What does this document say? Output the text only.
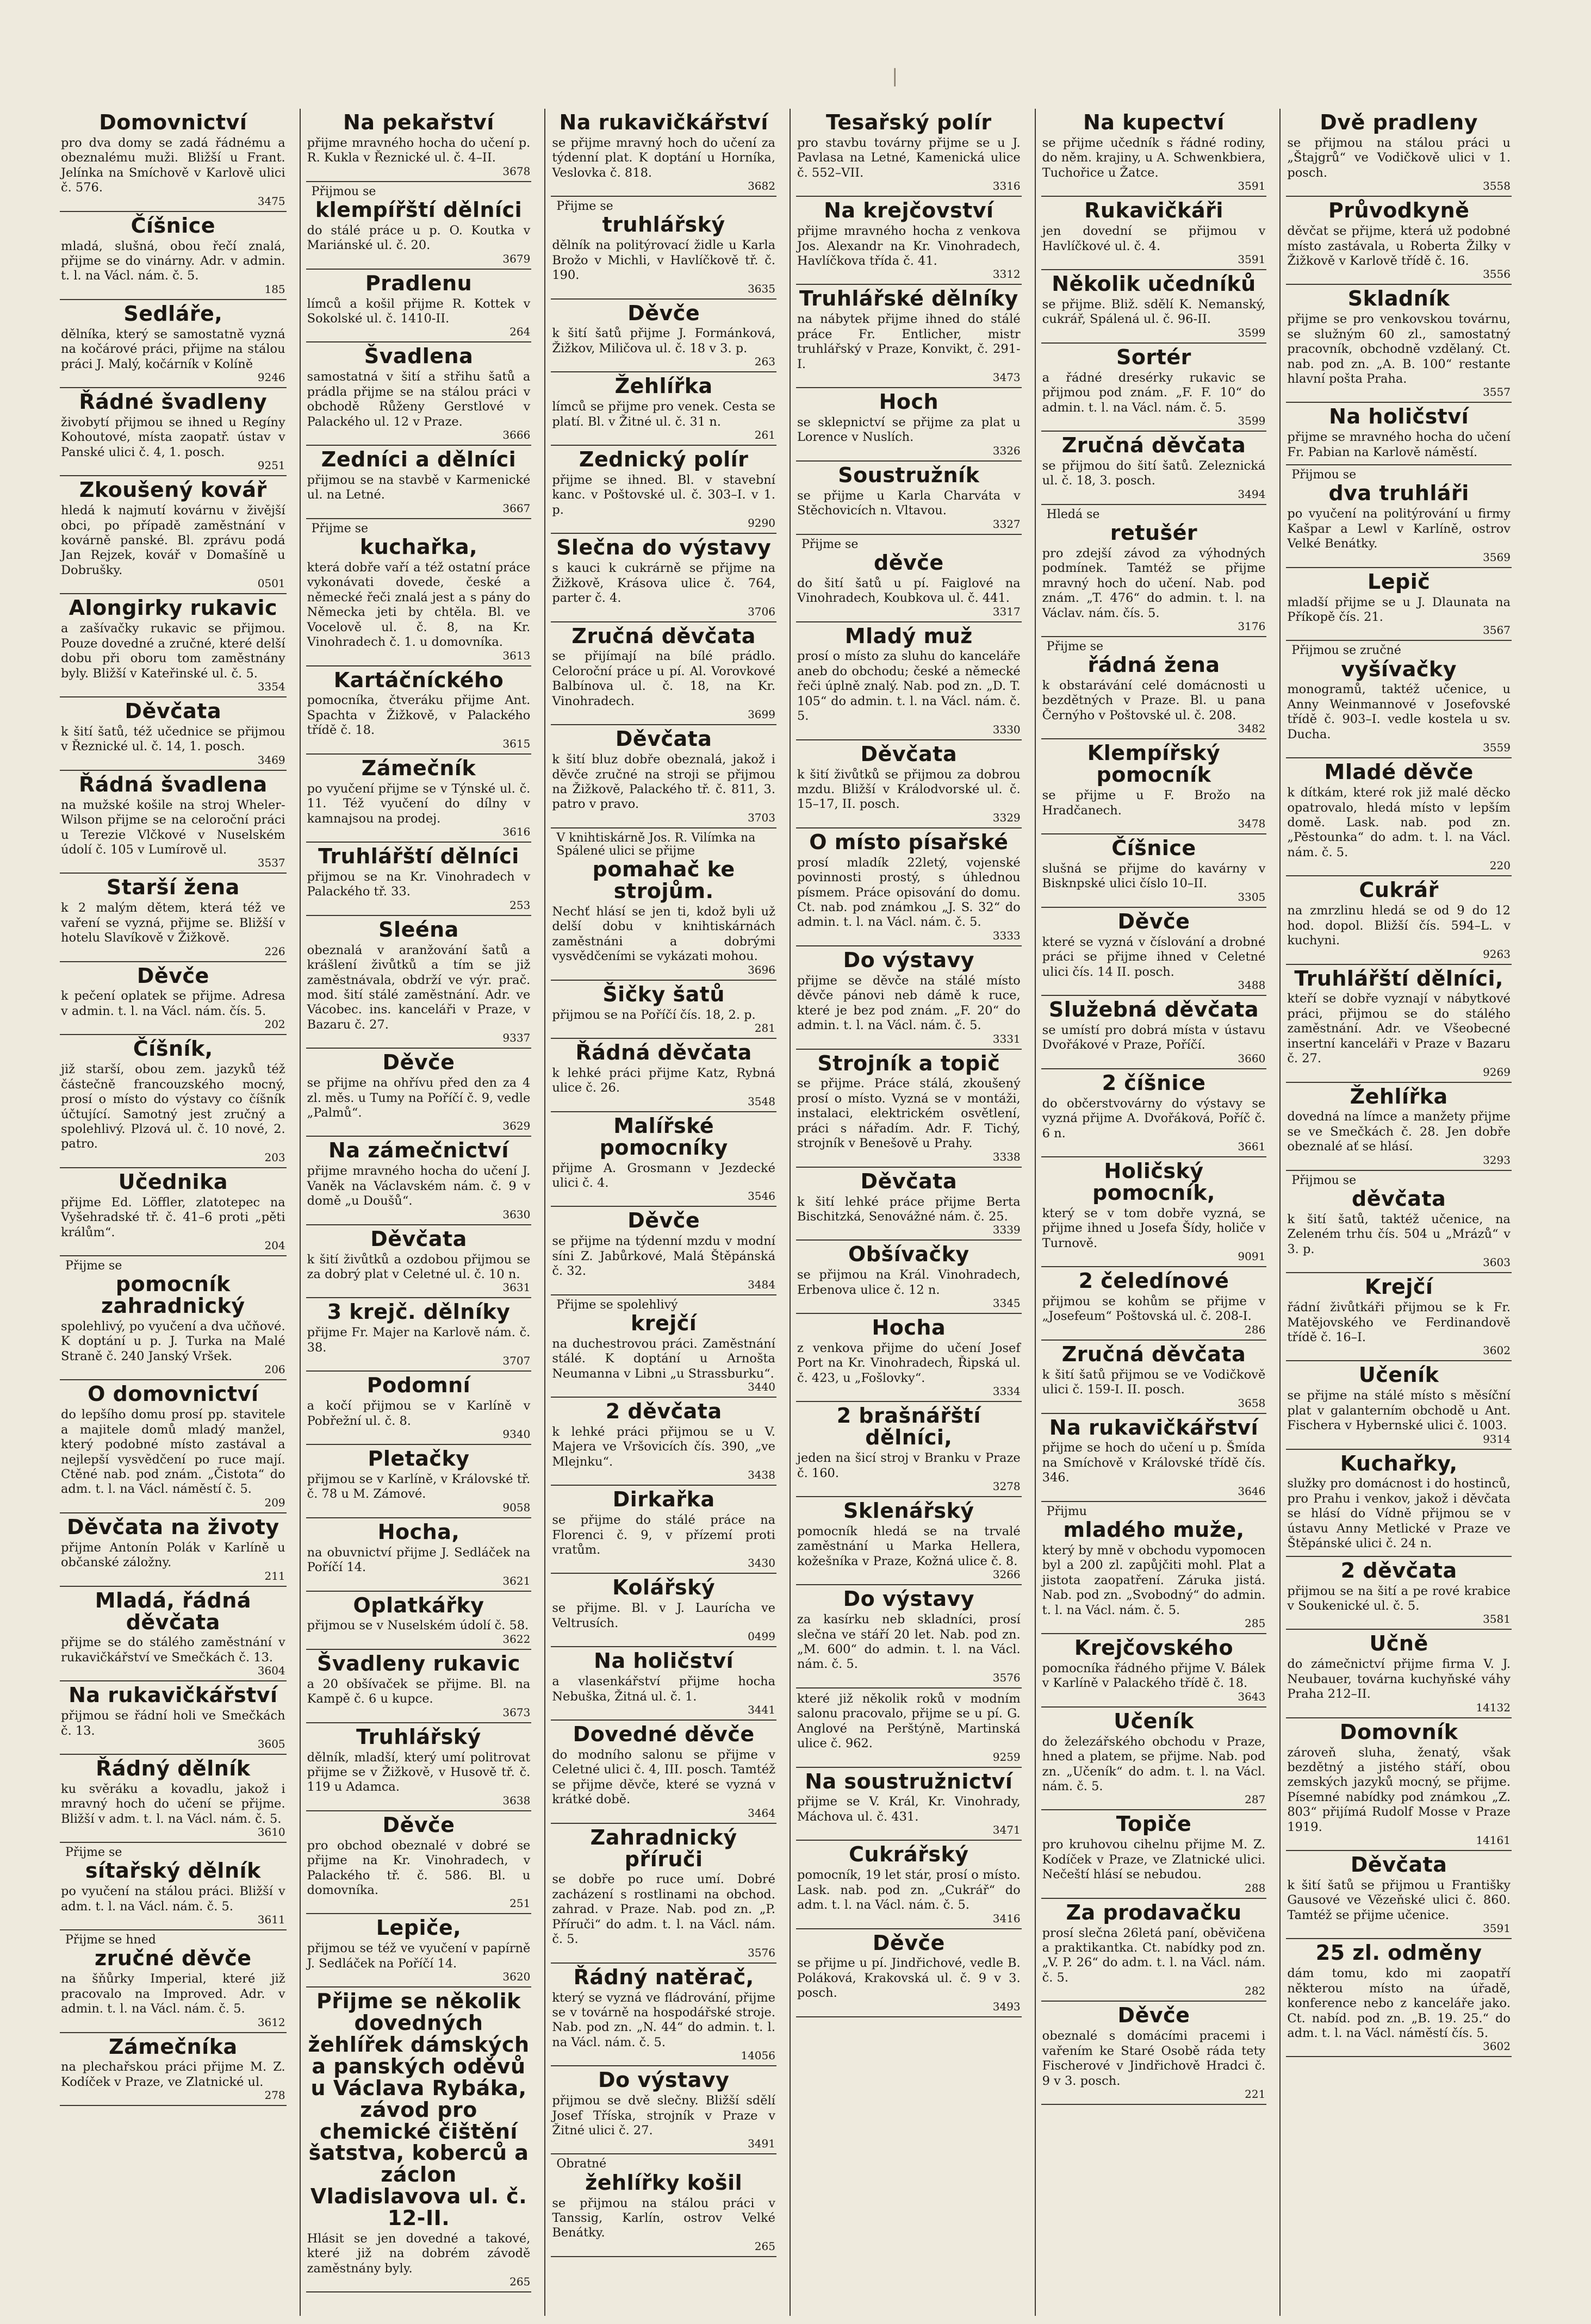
|
Domovnictví

pro dva domy se zadá řádnému a obeznalému muži. Bližší u Frant. Jelínka na Smíchově v Karlově ulici č. 576.

3475
Číšnice

mladá, slušná, obou řečí znalá, přijme se do vinárny. Adr. v admin. t. l. na Václ. nám. č. 5.

185
Sedláře,

dělníka, který se samostatně vyzná na kočárové práci, přijme na stálou práci J. Malý, kočárník v Kolíně

9246
Řádné švadleny

živobytí přijmou se ihned u Regíny Kohoutové, místa zaopatř. ústav v Panské ulici č. 4, 1. posch.

9251
Zkoušený kovář

hledá k najmutí kovárnu v živější obci, po případě zaměstnání v kovárně panské. Bl. zprávu podá Jan Rejzek, kovář v Domašíně u Dobrušky.

0501
Alongirky rukavic

a zašívačky rukavic se přijmou. Pouze dovedné a zručné, které delší dobu při oboru tom zaměstnány byly. Bližší v Kateřinské ul. č. 5.

3354
Děvčata

k šití šatů, též učednice se přijmou v Řeznické ul. č. 14, 1. posch.

3469
Řádná švadlena

na mužské košile na stroj Wheler-Wilson přijme se na celoroční práci u Terezie Vlčkové v Nuselském údolí č. 105 v Lumírově ul.

3537
Starší žena

k 2 malým dětem, která též ve vaření se vyzná, přijme se. Bližší v hotelu Slavíkově v Žižkově.

226
Děvče

k pečení oplatek se přijme. Adresa v admin. t. l. na Václ. nám. čís. 5.

202
Číšník,

již starší, obou zem. jazyků též částečně francouzského mocný, prosí o místo do výstavy co číšník účtující. Samotný jest zručný a spolehlivý. Plzová ul. č. 10 nové, 2. patro.

203
Učednika

přijme Ed. Löffler, zlatotepec na Vyšehradské tř. č. 41–6 proti „pěti králům“.

204
Přijme se
pomocník zahradnický

spolehlivý, po vyučení a dva učňové. K doptání u p. J. Turka na Malé Straně č. 240 Janský Vršek.

206
O domovnictví

do lepšího domu prosí pp. stavitele a majitele domů mladý manžel, který podobné místo zastával a nejlepší vysvědčení po ruce mají. Ctěné nab. pod znám. „Čistota“ do adm. t. l. na Václ. náměstí č. 5.

209
Děvčata na životy

přijme Antonín Polák v Karlíně u občanské záložny.

211
Mladá, řádná děvčata

přijme se do stálého zaměstnání v rukavičkářství ve Smečkách č. 13.

3604
Na rukavičkářství

přijmou se řádní holi ve Smečkách č. 13.

3605
Řádný dělník

ku svěráku a kovadlu, jakož i mravný hoch do učení se přijme. Bližší v adm. t. l. na Václ. nám. č. 5.

3610
Přijme se
sítařský dělník

po vyučení na stálou práci. Bližší v adm. t. l. na Václ. nám. č. 5.

3611
Přijme se hned
zručné děvče

na šňůrky Imperial, které již pracovalo na Improved. Adr. v admin. t. l. na Václ. nám. č. 5.

3612
Zámečníka

na plechařskou práci přijme M. Z. Kodíček v Praze, ve Zlatnické ul.

278
Na pekařství

přijme mravného hocha do učení p. R. Kukla v Řeznické ul. č. 4–II.

3678
Přijmou se
klempířští dělníci

do stálé práce u p. O. Koutka v Mariánské ul. č. 20.

3679
Pradlenu

límců a košil přijme R. Kottek v Sokolské ul. č. 1410-II.

264
Švadlena

samostatná v šití a střihu šatů a prádla přijme se na stálou práci v obchodě Růženy Gerstlové v Palackého ul. 12 v Praze.

3666
Zedníci a dělníci

přijmou se na stavbě v Karmenické ul. na Letné.

3667
Přijme se
kuchařka,

která dobře vaří a též ostatní práce vykonávati dovede, české a německé řeči znalá jest a s pány do Německa jeti by chtěla. Bl. ve Vocelově ul. č. 8, na Kr. Vinohradech č. 1. u domovníka.

3613
Kartáčníckého

pomocníka, čtveráku přijme Ant. Spachta v Žižkově, v Palackého třídě č. 18.

3615
Zámečník

po vyučení přijme se v Týnské ul. č. 11. Též vyučení do dílny v kamnajsou na prodej.

3616
Truhlářští dělníci

přijmou se na Kr. Vinohradech v Palackého tř. 33.

253
Sleéna

obeznalá v aranžování šatů a krášlení živůtků a tím se již zaměstnávala, obdrží ve výr. prač. mod. šití stálé zaměstnání. Adr. ve Vácobec. ins. kanceláři v Praze, v Bazaru č. 27.

9337
Děvče

se přijme na ohřívu před den za 4 zl. měs. u Tumy na Poříčí č. 9, vedle „Palmů“.

3629
Na zámečnictví

přijme mravného hocha do učení J. Vaněk na Václavském nám. č. 9 v domě „u Doušů“.

3630
Děvčata

k šití živůtků a ozdobou přijmou se za dobrý plat v Celetné ul. č. 10 n.

3631
3 krejč. dělníky

přijme Fr. Majer na Karlově nám. č. 38.

3707
Podomní

a kočí přijmou se v Karlíně v Pobřežní ul. č. 8.

9340
Pletačky

přijmou se v Karlíně, v Královské tř. č. 78 u M. Zámové.

9058
Hocha,

na obuvnictví přijme J. Sedláček na Poříčí 14.

3621
Oplatkářky

přijmou se v Nuselském údolí č. 58.

3622
Švadleny rukavic

a 20 obšívaček se přijme. Bl. na Kampě č. 6 u kupce.

3673
Truhlářský

dělník, mladší, který umí politrovat přijme se v Žižkově, v Husově tř. č. 119 u Adamca.

3638
Děvče

pro obchod obeznalé v dobré se přijme na Kr. Vinohradech, v Palackého tř. č. 586. Bl. u domovníka.

251
Lepiče,

přijmou se též ve vyučení v papírně J. Sedláček na Poříčí 14.

3620
Přijme se několik dovedných žehlířek dámských a panských oděvů u Václava Rybáka, závod pro chemické čištění šatstva, koberců a záclon Vladislavova ul. č. 12-II.

Hlásit se jen dovedné a takové, které již na dobrém závodě zaměstnány byly.

265
Na rukavičkářství

se přijme mravný hoch do učení za týdenní plat. K doptání u Horníka, Veslovka č. 818.

3682
Přijme se
truhlářský

dělník na politýrovací židle u Karla Brožo v Michli, v Havlíčkově tř. č. 190.

3635
Děvče

k šití šatů přijme J. Formánková, Žižkov, Miličova ul. č. 18 v 3. p.

263
Žehlířka

límců se přijme pro venek. Cesta se platí. Bl. v Žitné ul. č. 31 n.

261
Zednický polír

přijme se ihned. Bl. v stavební kanc. v Poštovské ul. č. 303–I. v 1. p.

9290
Slečna do výstavy

s kauci k cukrárně se přijme na Žižkově, Krásova ulice č. 764, parter č. 4.

3706
Zručná děvčata

se přijímají na bílé prádlo. Celoroční práce u pí. Al. Vorovkové Balbínova ul. č. 18, na Kr. Vinohradech.

3699
Děvčata

k šití bluz dobře obeznalá, jakož i děvče zručné na stroji se přijmou na Žižkově, Palackého tř. č. 811, 3. patro v pravo.

3703
V knihtiskárně Jos. R. Vilímka na Spálené ulici se přijme
pomahač ke strojům.

Nechť hlásí se jen ti, kdož byli už delší dobu v knihtiskárnách zaměstnáni a dobrými vysvědčeními se vykázati mohou.

3696
Šičky šatů

přijmou se na Poříčí čís. 18, 2. p.

281
Řádná děvčata

k lehké práci přijme Katz, Rybná ulice č. 26.

3548
Malířské pomocníky

přijme A. Grosmann v Jezdecké ulici č. 4.

3546
Děvče

se přijme na týdenní mzdu v modní síni Z. Jabůrkové, Malá Štěpánská č. 32.

3484
Přijme se spolehlivý
krejčí

na duchestrovou práci. Zaměstnání stálé. K doptání u Arnošta Neumanna v Libni „u Strassburku“.

3440
2 děvčata

k lehké práci přijmou se u V. Majera ve Vršovicích čís. 390, „ve Mlejnku“.

3438
Dirkařka

se přijme do stálé práce na Florenci č. 9, v přízemí proti vratům.

3430
Kolářský

se přijme. Bl. v J. Laurícha ve Veltrusích.

0499
Na holičství

a vlasenkářství přijme hocha Nebuška, Žitná ul. č. 1.

3441
Dovedné děvče

do modního salonu se přijme v Celetné ulici č. 4, III. posch. Tamtéž se přijme děvče, které se vyzná v krátké době.

3464
Zahradnický příruči

se dobře po ruce umí. Dobré zacházení s rostlinami na obchod. zahrad. v Praze. Nab. pod zn. „P. Příruči“ do adm. t. l. na Václ. nám. č. 5.

3576
Řádný natěrač,

který se vyzná ve fládrování, přijme se v továrně na hospodářské stroje. Nab. pod zn. „N. 44“ do admin. t. l. na Václ. nám. č. 5.

14056
Do výstavy

přijmou se dvě slečny. Bližší sdělí Josef Tříska, strojník v Praze v Žitné ulici č. 27.

3491
Obratné
žehlířky košil

se přijmou na stálou práci v Tanssig, Karlín, ostrov Velké Benátky.

265
Tesařský polír

pro stavbu továrny přijme se u J. Pavlasa na Letné, Kamenická ulice č. 552–VII.

3316
Na krejčovství

přijme mravného hocha z venkova Jos. Alexandr na Kr. Vinohradech, Havlíčkova třída č. 41.

3312
Truhlářské dělníky

na nábytek přijme ihned do stálé práce Fr. Entlicher, mistr truhlářský v Praze, Konvikt, č. 291-I.

3473
Hoch

se sklepnictví se přijme za plat u Lorence v Nuslích.

3326
Soustružník

se přijme u Karla Charváta v Stěchovicích n. Vltavou.

3327
Přijme se
děvče

do šití šatů u pí. Faiglové na Vinohradech, Koubkova ul. č. 441.

3317
Mladý muž

prosí o místo za sluhu do kanceláře aneb do obchodu; české a německé řeči úplně znalý. Nab. pod zn. „D. T. 105“ do admin. t. l. na Václ. nám. č. 5.

3330
Děvčata

k šití živůtků se přijmou za dobrou mzdu. Bližší v Králodvorské ul. č. 15–17, II. posch.

3329
O místo písařské

prosí mladík 22letý, vojenské povinnosti prostý, s úhlednou písmem. Práce opisování do domu. Ct. nab. pod známkou „J. S. 32“ do admin. t. l. na Václ. nám. č. 5.

3333
Do výstavy

přijme se děvče na stálé místo děvče pánovi neb dámě k ruce, které je bez pod znám. „F. 20“ do admin. t. l. na Václ. nám. č. 5.

3331
Strojník a topič

se přijme. Práce stálá, zkoušený prosí o místo. Vyzná se v montáži, instalaci, elektrickém osvětlení, práci s nářadím. Adr. F. Tichý, strojník v Benešově u Prahy.

3338
Děvčata

k šití lehké práce přijme Berta Bischitzká, Senovážné nám. č. 25.

3339
Obšívačky

se přijmou na Král. Vinohradech, Erbenova ulice č. 12 n.

3345
Hocha

z venkova přijme do učení Josef Port na Kr. Vinohradech, Řipská ul. č. 423, u „Fošlovky“.

3334
2 brašnářští dělníci,

jeden na šicí stroj v Branku v Praze č. 160.

3278
Sklenářský

pomocník hledá se na trvalé zaměstnání u Marka Hellera, kožešníka v Praze, Kožná ulice č. 8.

3266
Do výstavy

za kasírku neb skladníci, prosí slečna ve stáří 20 let. Nab. pod zn. „M. 600“ do admin. t. l. na Václ. nám. č. 5.

3576

které již několik roků v modním salonu pracovalo, přijme se u pí. G. Anglové na Perštýně, Martinská ulice č. 962.

9259
Na soustružnictví

přijme se V. Král, Kr. Vinohrady, Máchova ul. č. 431.

3471
Cukrářský

pomocník, 19 let stár, prosí o místo. Lask. nab. pod zn. „Cukrář“ do adm. t. l. na Václ. nám. č. 5.

3416
Děvče

se přijme u pí. Jindřichové, vedle B. Poláková, Krakovská ul. č. 9 v 3. posch.

3493
Na kupectví

se přijme učedník s řádné rodiny, do něm. krajiny, u A. Schwenkbiera, Tuchořice u Žatce.

3591
Rukavičkáři

jen dovední se přijmou v Havlíčkové ul. č. 4.

3591
Několik učedníků

se přijme. Bliž. sdělí K. Nemanský, cukrář, Spálená ul. č. 96-II.

3599
Sortér

a řádné dresérky rukavic se přijmou pod znám. „F. F. 10“ do admin. t. l. na Václ. nám. č. 5.

3599
Zručná děvčata

se přijmou do šití šatů. Zeleznická ul. č. 18, 3. posch.

3494
Hledá se
retušér

pro zdejší závod za výhodných podmínek. Tamtéž se přijme mravný hoch do učení. Nab. pod znám. „T. 476“ do admin. t. l. na Václav. nám. čís. 5.

3176
Přijme se
řádná žena

k obstarávání celé domácnosti u bezdětných v Praze. Bl. u pana Černýho v Poštovské ul. č. 208.

3482
Klempířský pomocník

se přijme u F. Brožo na Hradčanech.

3478
Číšnice

slušná se přijme do kavárny v Bisknpské ulici číslo 10–II.

3305
Děvče

které se vyzná v číslování a drobné práci se přijme ihned v Celetné ulici čís. 14 II. posch.

3488
Služebná děvčata

se umístí pro dobrá místa v ústavu Dvořákové v Praze, Poříčí.

3660
2 číšnice

do občerstvovárny do výstavy se vyzná přijme A. Dvořáková, Poříč č. 6 n.

3661
Holičský pomocník,

který se v tom dobře vyzná, se přijme ihned u Josefa Šídy, holiče v Turnově.

9091
2 čeledínové

přijmou se kohům se přijme v „Josefeum“ Poštovská ul. č. 208-I.

286
Zručná děvčata

k šití šatů přijmou se ve Vodičkově ulici č. 159-I. II. posch.

3658
Na rukavičkářství

přijme se hoch do učení u p. Šmída na Smíchově v Královské třídě čís. 346.

3646
Přijmu
mladého muže,

který by mně v obchodu vypomocen byl a 200 zl. zapůjčiti mohl. Plat a jistota zaopatření. Záruka jistá. Nab. pod zn. „Svobodný“ do admin. t. l. na Václ. nám. č. 5.

285
Krejčovského

pomocníka řádného přijme V. Bálek v Karlíně v Palackého třídě č. 18.

3643
Učeník

do železářského obchodu v Praze, hned a platem, se přijme. Nab. pod zn. „Učeník“ do adm. t. l. na Václ. nám. č. 5.

287
Topiče

pro kruhovou cihelnu přijme M. Z. Kodíček v Praze, ve Zlatnické ulici. Nečeští hlásí se nebudou.

288
Za prodavačku

prosí slečna 26letá paní, oběvičena a praktikantka. Ct. nabídky pod zn. „V. P. 26“ do adm. t. l. na Václ. nám. č. 5.

282
Děvče

obeznalé s domácími pracemi i vařením ke Staré Osobě ráda tety Fischerové v Jindřichově Hradci č. 9 v 3. posch.

221
Dvě pradleny

se přijmou na stálou práci u „Štajgrů“ ve Vodičkově ulici v 1. posch.

3558
Průvodkyně

děvčat se přijme, která už podobné místo zastávala, u Roberta Žilky v Žižkově v Karlově třídě č. 16.

3556
Skladník

přijme se pro venkovskou továrnu, se služným 60 zl., samostatný pracovník, obchodně vzdělaný. Ct. nab. pod zn. „A. B. 100“ restante hlavní pošta Praha.

3557
Na holičství

přijme se mravného hocha do učení Fr. Pabian na Karlově náměstí.

Přijmou se
dva truhláři

po vyučení na politýrování u firmy Kašpar a Lewl v Karlíně, ostrov Velké Benátky.

3569
Lepič

mladší přijme se u J. Dlaunata na Příkopě čís. 21.

3567
Přijmou se zručné
vyšívačky

monogramů, taktéž učenice, u Anny Weinmannové v Josefovské třídě č. 903–I. vedle kostela u sv. Ducha.

3559
Mladé děvče

k dítkám, které rok již malé děcko opatrovalo, hledá místo v lepším domě. Lask. nab. pod zn. „Pěstounka“ do adm. t. l. na Václ. nám. č. 5.

220
Cukrář

na zmrzlinu hledá se od 9 do 12 hod. dopol. Bližší čís. 594–L. v kuchyni.

9263
Truhlářští dělníci,

kteří se dobře vyznají v nábytkové práci, přijmou se do stálého zaměstnání. Adr. ve Všeobecné insertní kanceláři v Praze v Bazaru č. 27.

9269
Žehlířka

dovedná na límce a manžety přijme se ve Smečkách č. 28. Jen dobře obeznalé ať se hlásí.

3293
Přijmou se
děvčata

k šití šatů, taktéž učenice, na Zeleném trhu čís. 504 u „Mrázů“ v 3. p.

3603
Krejčí

řádní živůtkáři přijmou se k Fr. Matějovského ve Ferdinandově třídě č. 16–I.

3602
Učeník

se přijme na stálé místo s měsíční plat v galanterním obchodě u Ant. Fischera v Hybernské ulici č. 1003.

9314
Kuchařky,

služky pro domácnost i do hostinců, pro Prahu i venkov, jakož i děvčata se hlásí do Vídně přijmou se v ústavu Anny Metlické v Praze ve Štěpánské ulici č. 24 n.

2 děvčata

přijmou se na šití a pe rové krabice v Soukenické ul. č. 5.

3581
Učně

do zámečnictví přijme firma V. J. Neubauer, továrna kuchyňské váhy Praha 212–II.

14132
Domovník

zároveň sluha, ženatý, však bezdětný a jistého stáří, obou zemských jazyků mocný, se přijme. Písemné nabídky pod známkou „Z. 803“ přijímá Rudolf Mosse v Praze 1919.

14161
Děvčata

k šití šatů se přijmou u Františky Gausové ve Vězeňské ulici č. 860. Tamtéž se přijme učenice.

3591
25 zl. odměny

dám tomu, kdo mi zaopatří některou místo na úřadě, konference nebo z kanceláře jako. Ct. nabíd. pod zn. „B. 19. 25.“ do adm. t. l. na Václ. náměstí čís. 5.

3602
